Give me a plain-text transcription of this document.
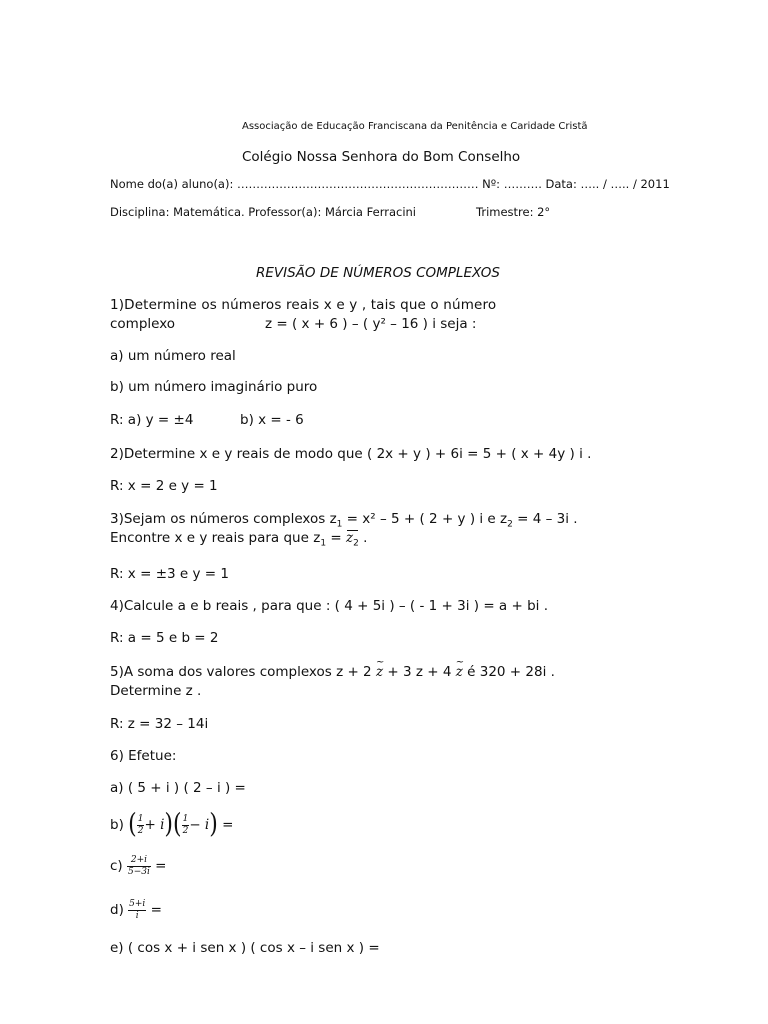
Associação de Educação Franciscana da Penitência e Caridade Cristã
Colégio Nossa Senhora do Bom Conselho
Nome do(a) aluno(a): ……………………………………………………… Nº: ………. Data: ….. / ….. / 2011
Disciplina: Matemática. Professor(a): Márcia Ferracini	Trimestre: 2°
REVISÃO DE NÚMEROS COMPLEXOS
1)Determine os números reais x e y , tais que o número
complexo	z = ( x + 6 ) – ( y² – 16 ) i seja :
a) um número real
b) um número imaginário puro
R: a) y = ±4	b) x = - 6
2)Determine x e y reais de modo que ( 2x + y ) + 6i = 5 + ( x + 4y ) i .
R: x = 2 e y = 1
3)Sejam os números complexos $z_1 = x^2 - 5$ + ( 2 + y ) i e $z_2 = 4 - 3i$ .
Encontre x e y reais para que $z_1 = z_2$ .
R: x = ±3 e y = 1
4)Calcule a e b reais , para que : ( 4 + 5i ) – ( - 1 + 3i ) = a + bi .
R: a = 5 e b = 2
5)A soma dos valores complexos z + 2 ~ z + 3 z + 4 ~ z é 320 + 28i .
Determine z .
R: z = 32 – 14i
6) Efetue:
a) ( 5 + i ) ( 2 – i ) =
b) ( $\frac{1}{2} + i)( \frac{1}{2} - i)$ =
$c) \frac{2+i}{5-3i}$ =
$d) \frac{5+i}{i}$ =
e) ( cos x + i sen x ) ( cos x – i sen x ) =
